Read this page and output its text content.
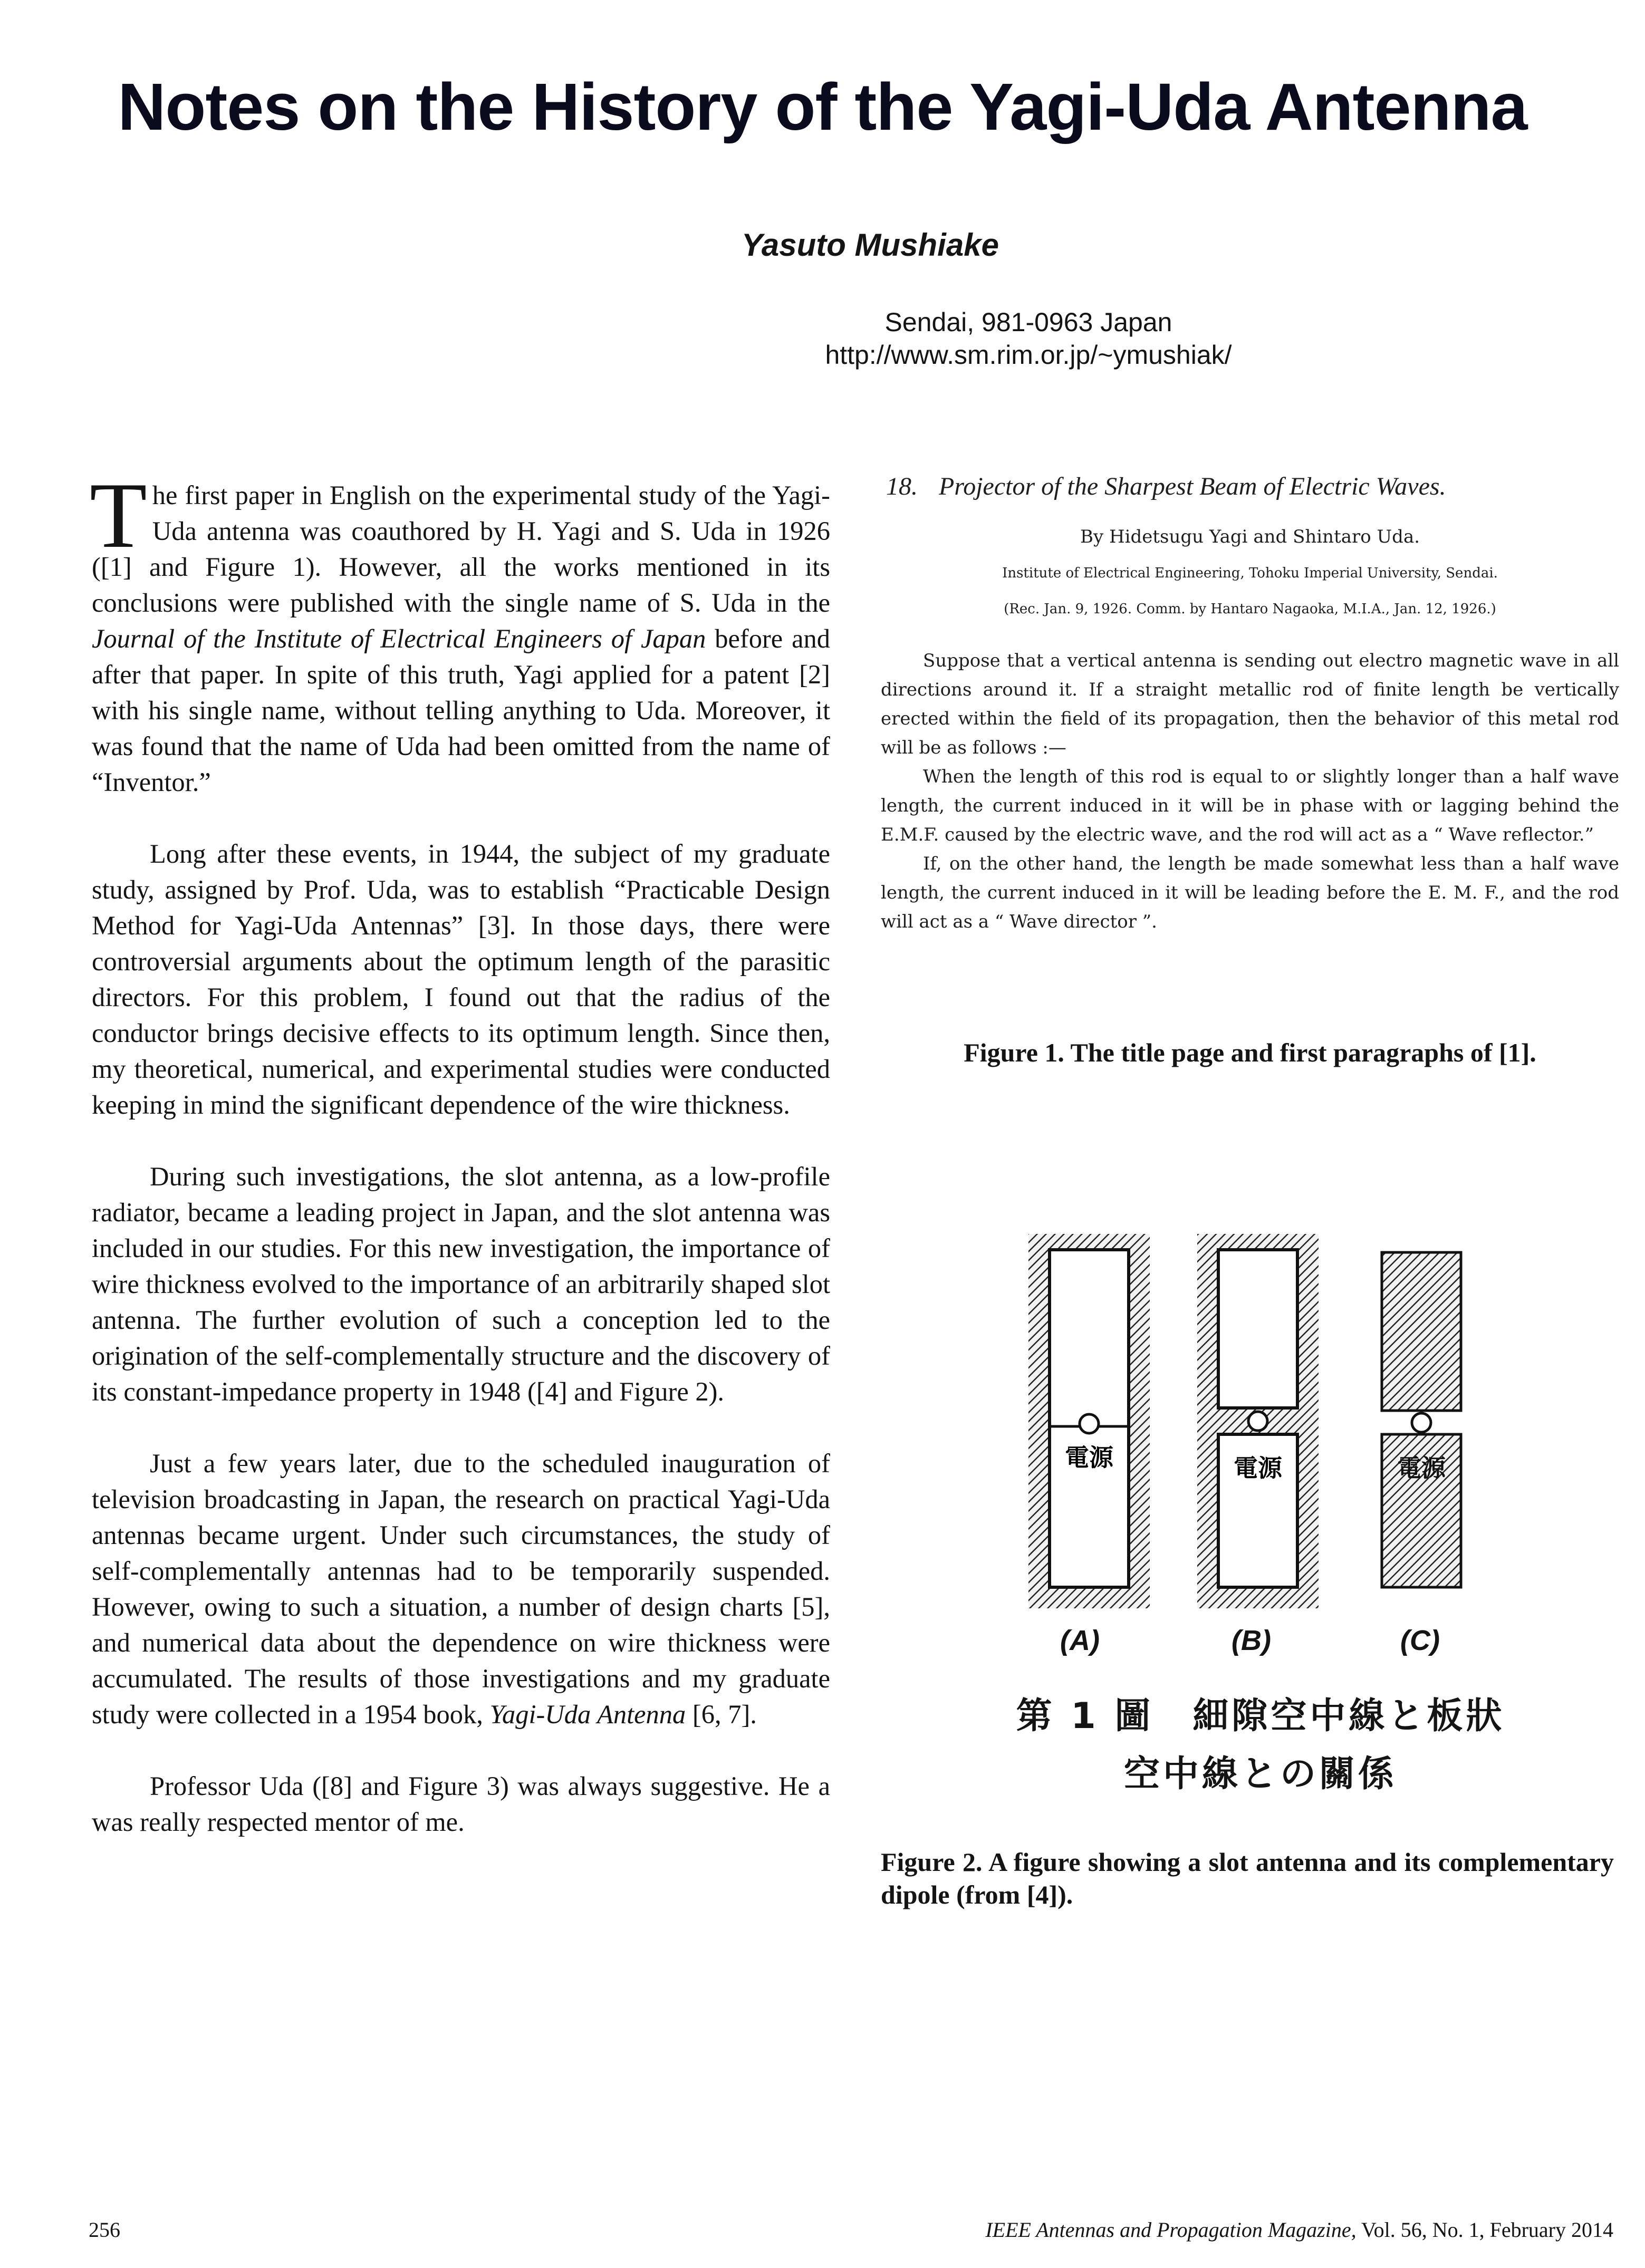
Notes on the History of the Yagi-Uda Antenna
Yasuto Mushiake
Sendai, 981-0963 Japan
http://www.sm.rim.or.jp/~ymushiak/

The first paper in English on the experimental study of the Yagi-Uda antenna was coauthored by H. Yagi and S. Uda in 1926 ([1] and Figure 1). However, all the works mentioned in its conclusions were published with the single name of S. Uda in the Journal of the Institute of Electrical Engineers of Japan before and after that paper. In spite of this truth, Yagi applied for a patent [2] with his single name, without telling anything to Uda. Moreover, it was found that the name of Uda had been omitted from the name of “Inventor.”

Long after these events, in 1944, the subject of my graduate study, assigned by Prof. Uda, was to establish “Practicable Design Method for Yagi-Uda Antennas” [3]. In those days, there were controversial arguments about the optimum length of the parasitic directors. For this problem, I found out that the radius of the conductor brings decisive effects to its optimum length. Since then, my theoretical, numerical, and experimental studies were conducted keeping in mind the significant dependence of the wire thickness.

During such investigations, the slot antenna, as a low-profile radiator, became a leading project in Japan, and the slot antenna was included in our studies. For this new investigation, the importance of wire thickness evolved to the importance of an arbitrarily shaped slot antenna. The further evolution of such a conception led to the origination of the self-complementally structure and the discovery of its constant-impedance property in 1948 ([4] and Figure 2).

Just a few years later, due to the scheduled inauguration of television broadcasting in Japan, the research on practical Yagi-Uda antennas became urgent. Under such circumstances, the study of self-complementally antennas had to be temporarily suspended. However, owing to such a situation, a number of design charts [5], and numerical data about the dependence on wire thickness were accumulated. The results of those investigations and my graduate study were collected in a 1954 book, Yagi-Uda Antenna [6, 7].

Professor Uda ([8] and Figure 3) was always suggestive. He a was really respected mentor of me.

18. Projector of the Sharpest Beam of Electric Waves.
By Hidetsugu Yagi and Shintaro Uda.
Institute of Electrical Engineering, Tohoku Imperial University, Sendai.
(Rec. Jan. 9, 1926. Comm. by Hantaro Nagaoka, M.I.A., Jan. 12, 1926.)

Suppose that a vertical antenna is sending out electro magnetic wave in all directions around it. If a straight metallic rod of finite length be vertically erected within the field of its propagation, then the behavior of this metal rod will be as follows :—

When the length of this rod is equal to or slightly longer than a half wave length, the current induced in it will be in phase with or lagging behind the E.M.F. caused by the electric wave, and the rod will act as a “ Wave reflector.”

If, on the other hand, the length be made somewhat less than a half wave length, the current induced in it will be leading before the E. M. F., and the rod will act as a “ Wave director ”.

Figure 1. The title page and first paragraphs of [1].
電源	電源	電源
(A)	(B)	(C)
第 1 圖　細隙空中線と板狀
空中線との關係
Figure 2. A figure showing a slot antenna and its complementary dipole (from [4]).
256	IEEE Antennas and Propagation Magazine, Vol. 56, No. 1, February 2014
